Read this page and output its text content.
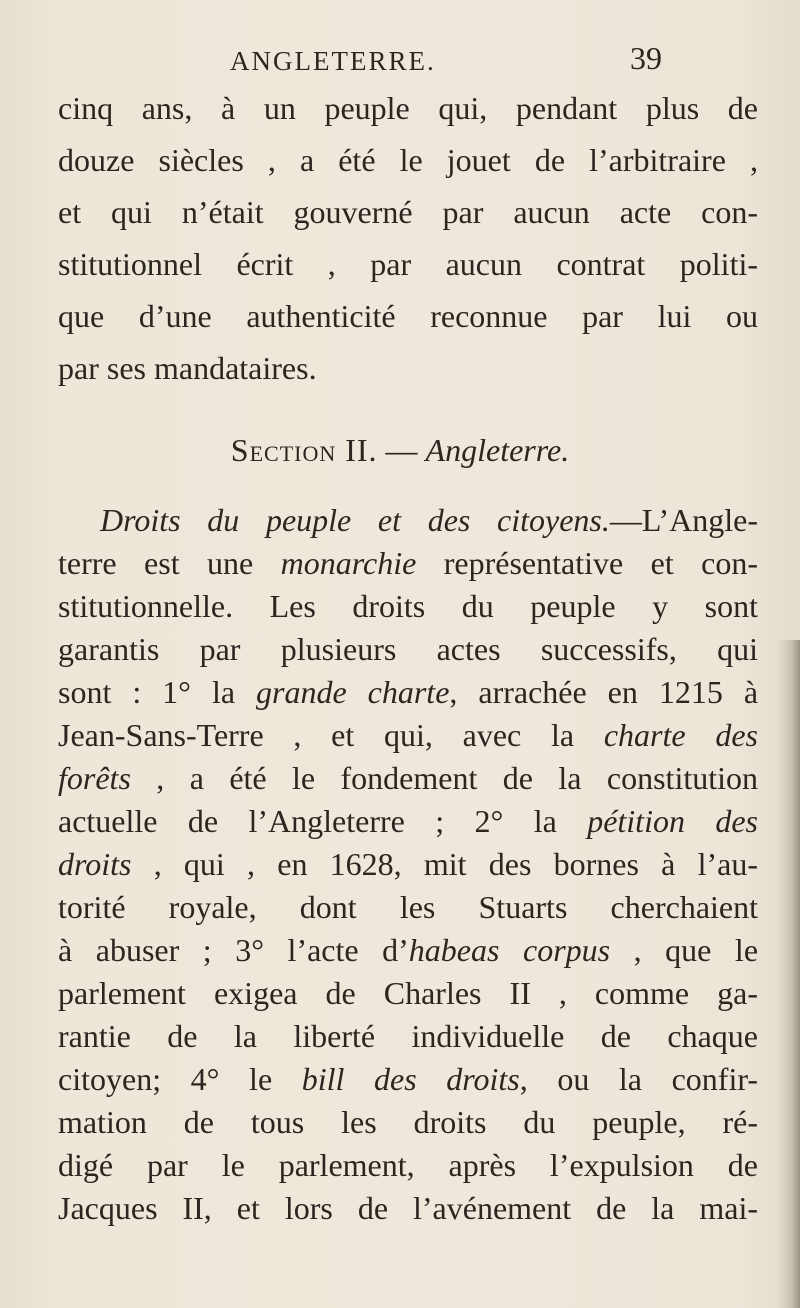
ANGLETERRE.	39
cinq ans, à un peuple qui, pendant plus de
douze siècles , a été le jouet de l’arbitraire ,
et qui n’était gouverné par aucun acte con-
stitutionnel écrit , par aucun contrat politi-
que d’une authenticité reconnue par lui ou
par ses mandataires.
Section II. — Angleterre.
Droits du peuple et des citoyens.—L’Angle-
terre est une monarchie représentative et con-
stitutionnelle. Les droits du peuple y sont
garantis par plusieurs actes successifs, qui
sont : 1° la grande charte, arrachée en 1215 à
Jean-Sans-Terre , et qui, avec la charte des
forêts , a été le fondement de la constitution
actuelle de l’Angleterre ; 2° la pétition des
droits , qui , en 1628, mit des bornes à l’au-
torité royale, dont les Stuarts cherchaient
à abuser ; 3° l’acte d’habeas corpus , que le
parlement exigea de Charles II , comme ga-
rantie de la liberté individuelle de chaque
citoyen; 4° le bill des droits, ou la confir-
mation de tous les droits du peuple, ré-
digé par le parlement, après l’expulsion de
Jacques II, et lors de l’avénement de la mai-
